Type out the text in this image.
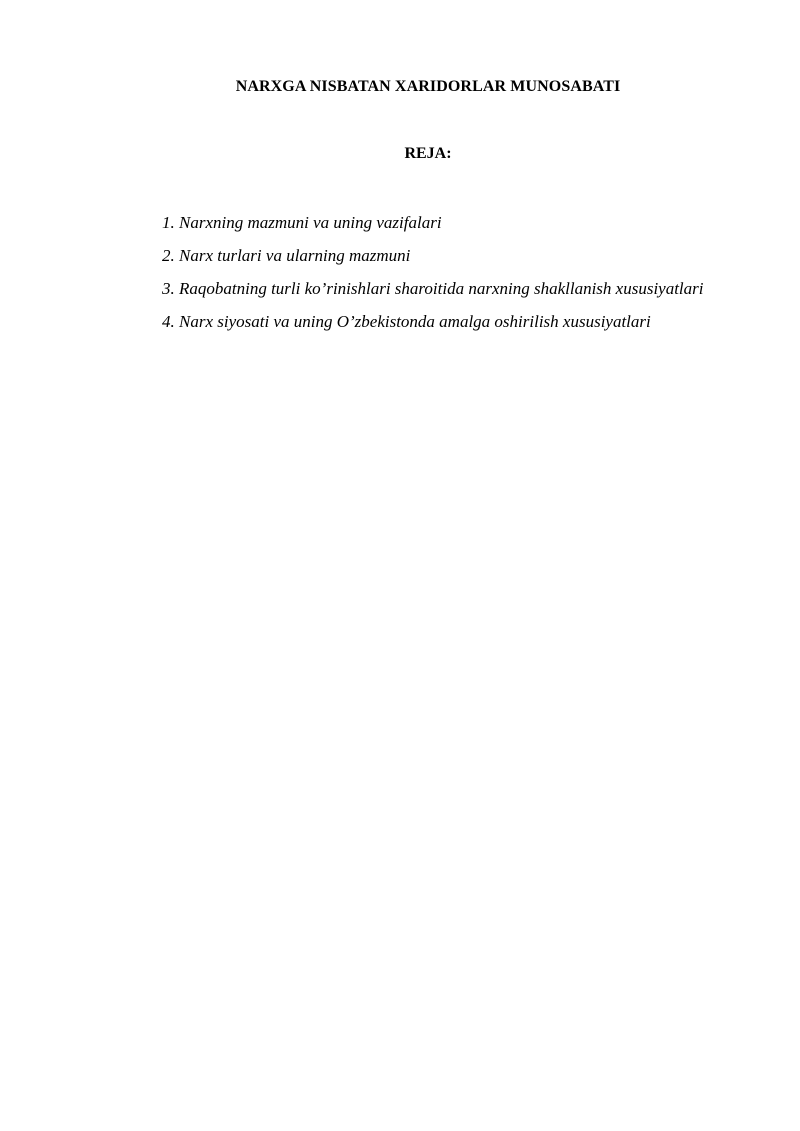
NARXGA NISBATAN XARIDORLAR MUNOSABATI
REJA:
1. Narxning mazmuni va uning vazifalari
2. Narx turlari va ularning mazmuni
3. Raqobatning turli ko’rinishlari sharoitida narxning shakllanish xususiyatlari
4. Narx siyosati va uning O’zbekistonda amalga oshirilish xususiyatlari
